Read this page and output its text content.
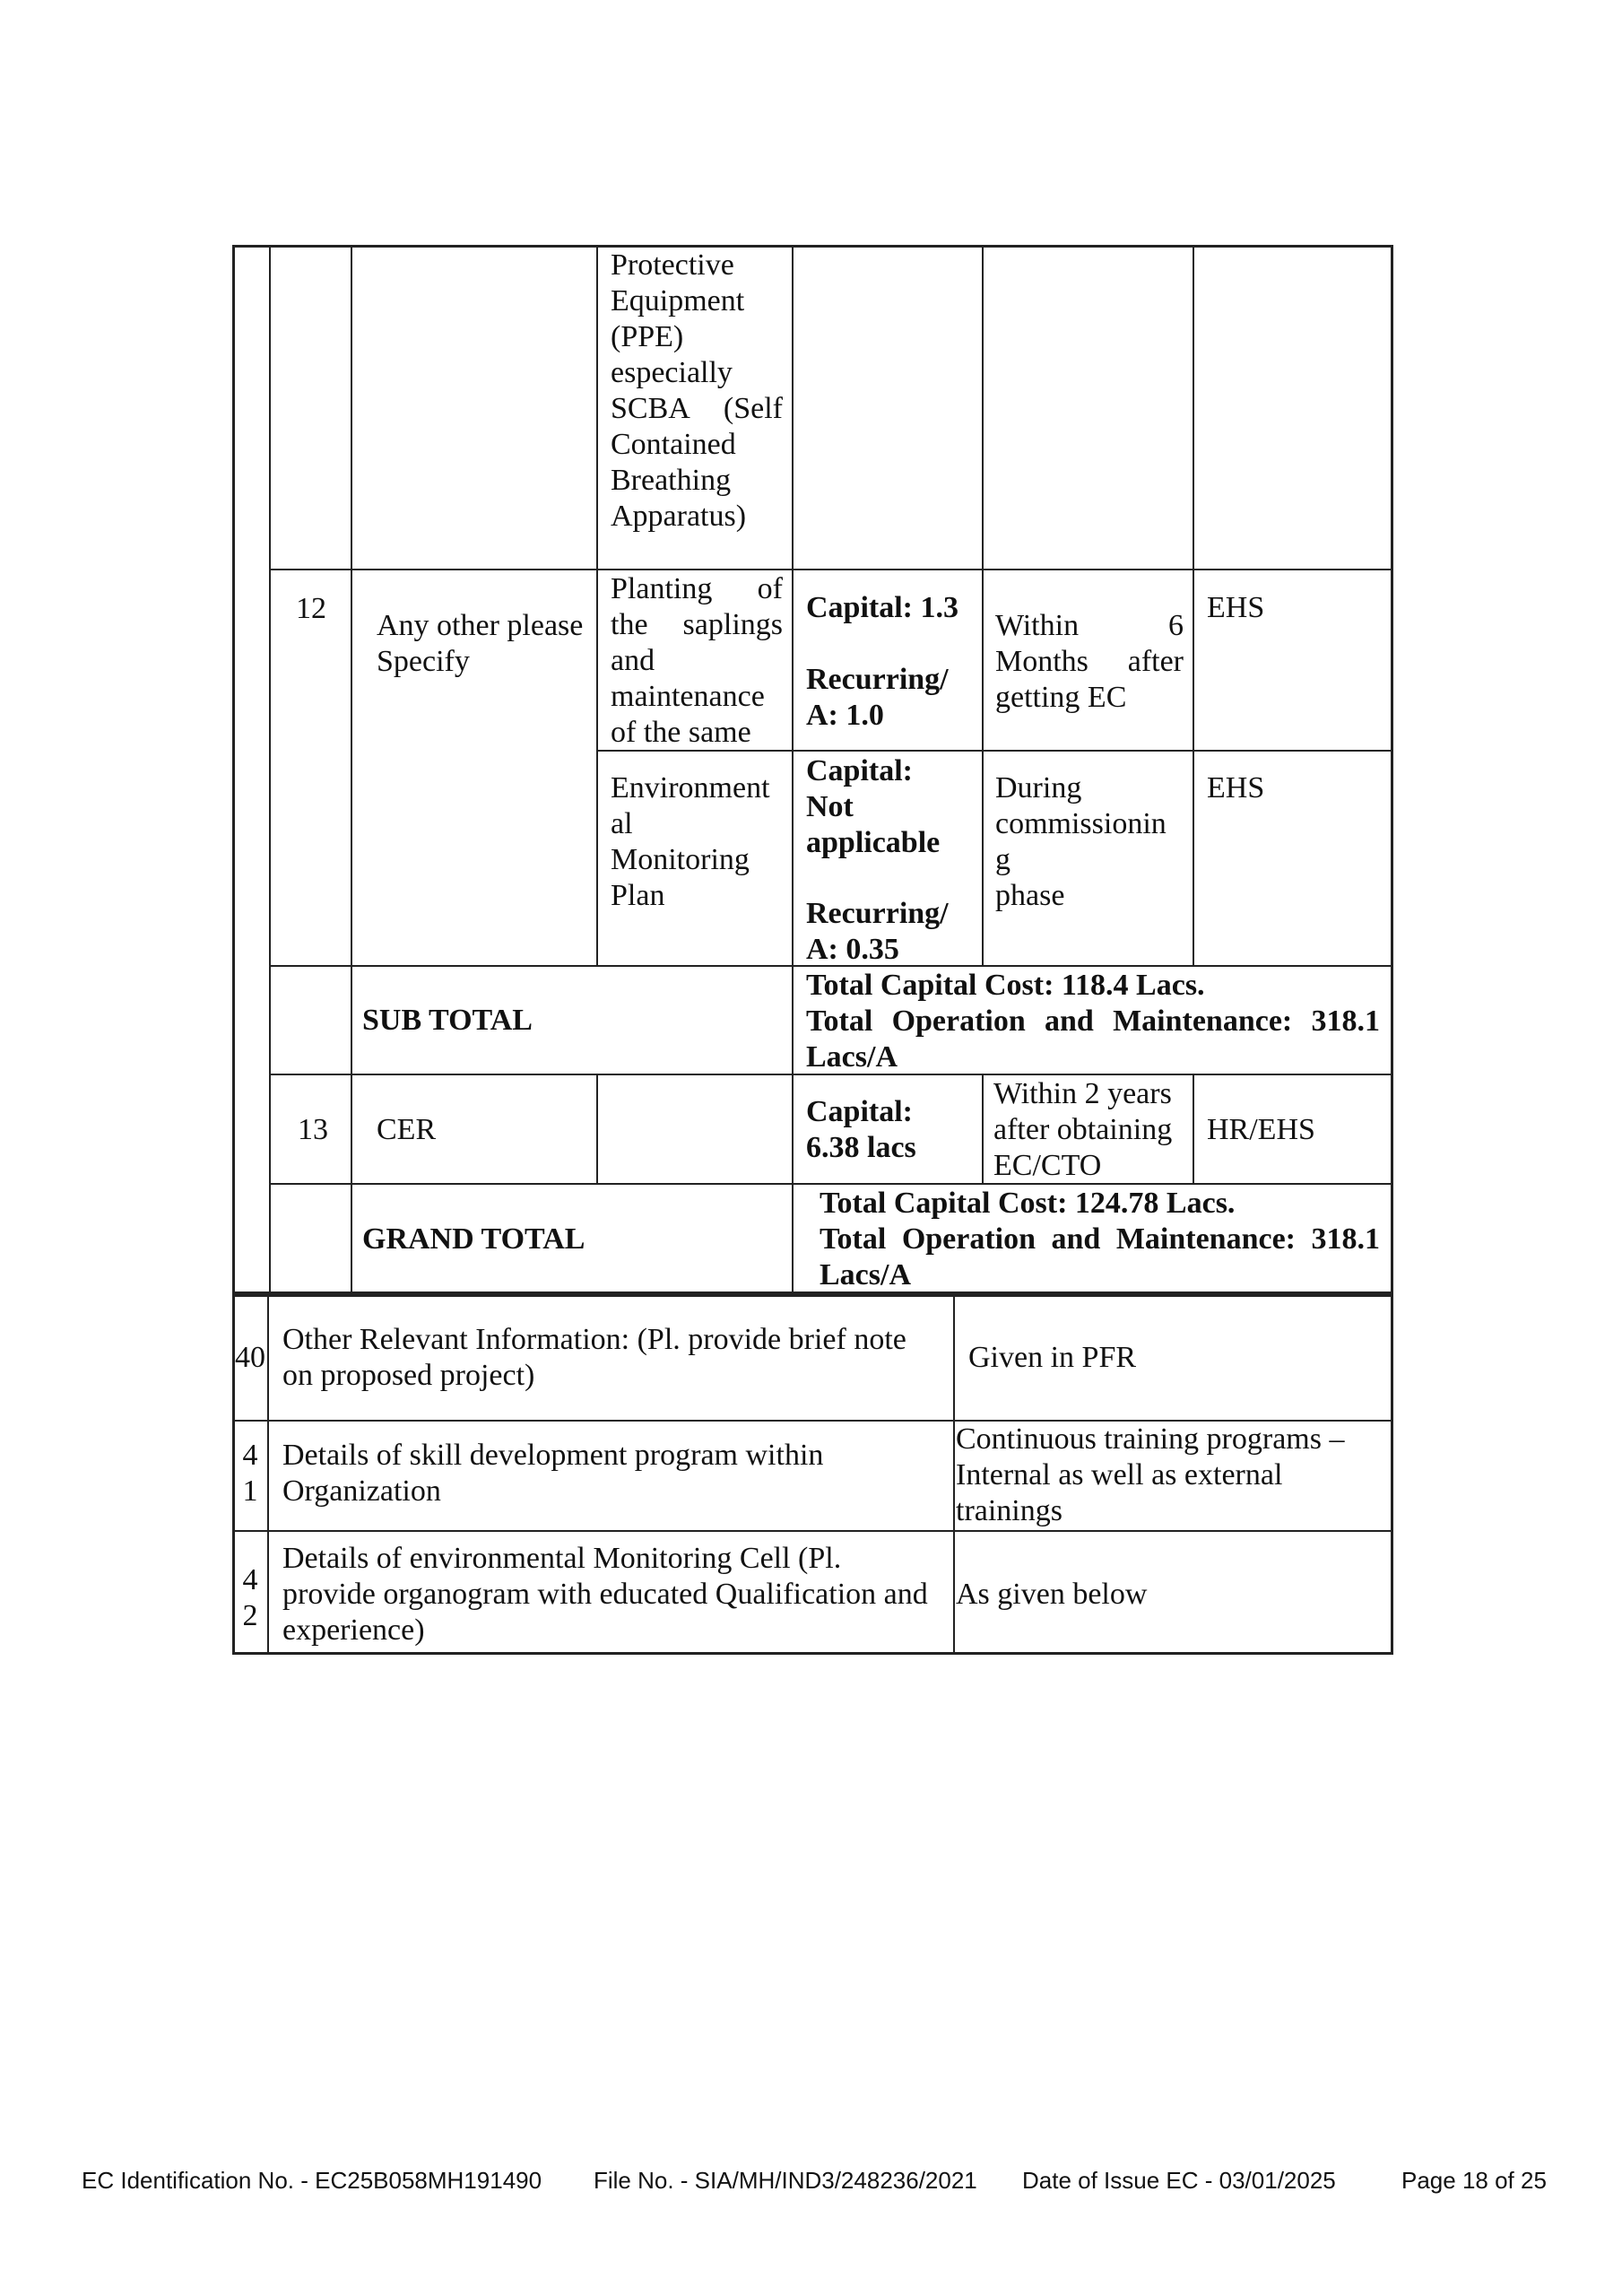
Protective
Equipment
(PPE)
especially
SCBA (Self
Contained
Breathing
Apparatus)
12
Any other please
Specify
Planting of
the saplings
and
maintenance
of the same
Capital: 1.3
Recurring/
A: 1.0
Within 6
Months after
getting EC
EHS
Environment
al
Monitoring
Plan
Capital:
Not
applicable
Recurring/
A: 0.35
During
commissionin
g
phase
EHS
SUB TOTAL
Total Capital Cost: 118.4 Lacs.
Total Operation and Maintenance: 318.1
Lacs/A
13 CER
Capital:
6.38 lacs
Within 2 years
after obtaining
EC/CTO
HR/EHS
GRAND TOTAL
Total Capital Cost: 124.78 Lacs.
Total Operation and Maintenance: 318.1
Lacs/A
40
Other Relevant Information: (Pl. provide brief note
on proposed project)
Given in PFR
4
1
Details of skill development program within
Organization
Continuous training programs –
Internal as well as external
trainings
4
2
Details of environmental Monitoring Cell (Pl.
provide organogram with educated Qualification and
experience)
As given below
EC Identification No. - EC25B058MH191490 File No. - SIA/MH/IND3/248236/2021 Date of Issue EC - 03/01/2025	Page 18 of 25
